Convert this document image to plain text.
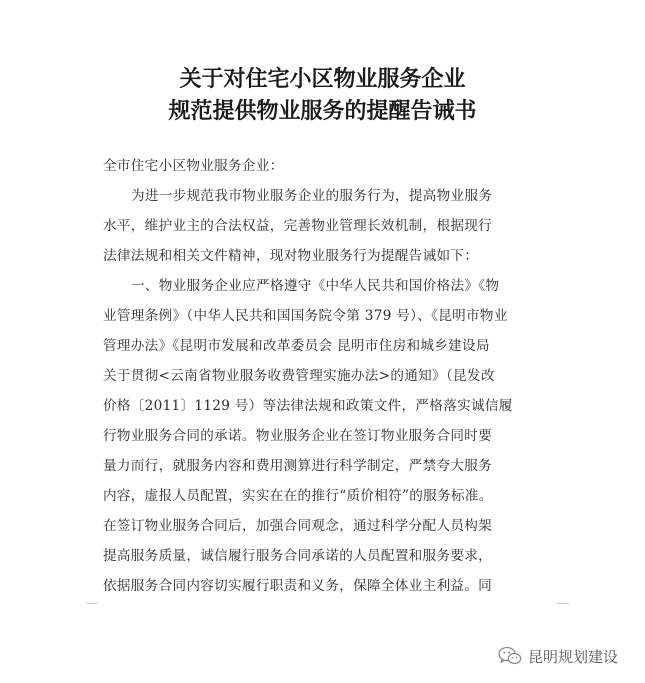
关于对住宅小区物业服务企业
规范提供物业服务的提醒告诫书
全市住宅小区物业服务企业：
为进一步规范我市物业服务企业的服务行为，提高物业服务
水平，维护业主的合法权益，完善物业管理长效机制，根据现行
法律法规和相关文件精神，现对物业服务行为提醒告诫如下：
一、物业服务企业应严格遵守《中华人民共和国价格法》《物
业管理条例》（中华人民共和国国务院令第 379 号）、《昆明市物业
管理办法》《昆明市发展和改革委员会 昆明市住房和城乡建设局
关于贯彻<云南省物业服务收费管理实施办法>的通知》（昆发改
价格〔2011〕1129 号）等法律法规和政策文件，严格落实诚信履
行物业服务合同的承诺。物业服务企业在签订物业服务合同时要
量力而行，就服务内容和费用测算进行科学制定，严禁夸大服务
内容，虚报人员配置，实实在在的推行“质价相符”的服务标准。
在签订物业服务合同后，加强合同观念，通过科学分配人员构架
提高服务质量，诚信履行服务合同承诺的人员配置和服务要求，
依据服务合同内容切实履行职责和义务，保障全体业主利益。同
昆明规划建设
